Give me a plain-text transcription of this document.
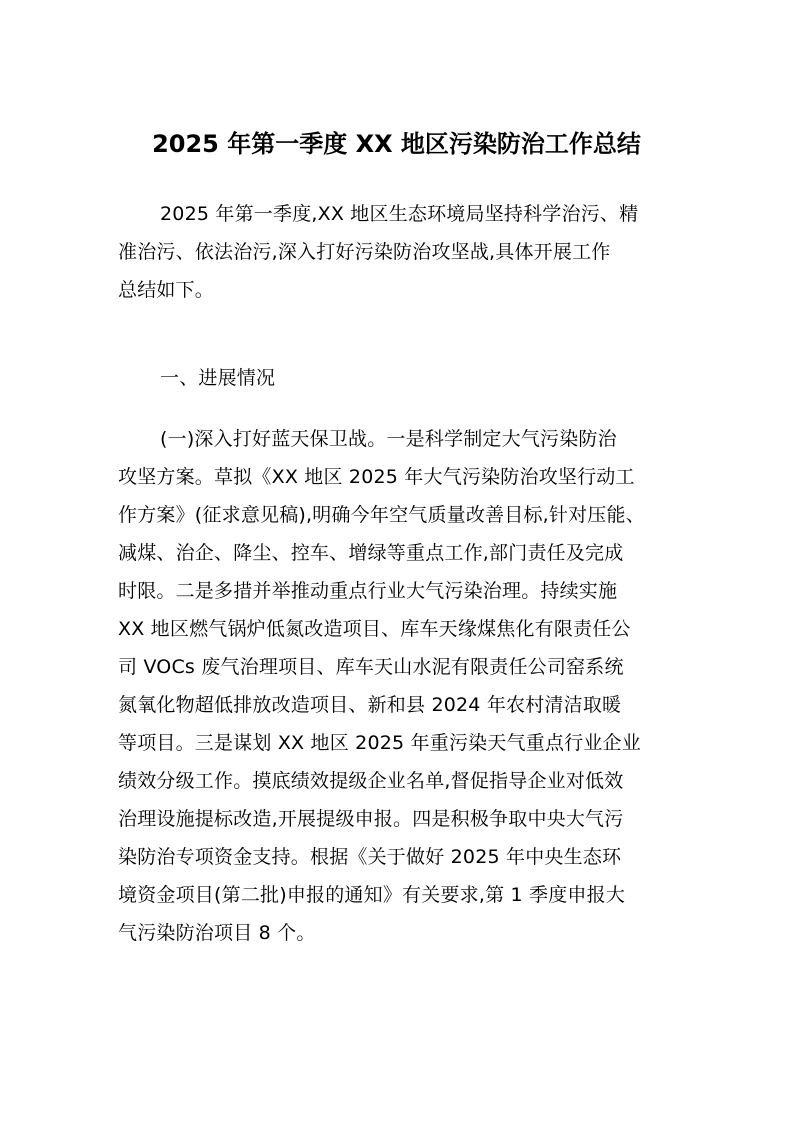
2025 年第一季度 XX 地区污染防治工作总结
2025 年第一季度,XX 地区生态环境局坚持科学治污、精
准治污、依法治污,深入打好污染防治攻坚战,具体开展工作
总结如下。
一、进展情况
(一)深入打好蓝天保卫战。一是科学制定大气污染防治
攻坚方案。草拟《XX 地区 2025 年大气污染防治攻坚行动工
作方案》(征求意见稿),明确今年空气质量改善目标,针对压能、
减煤、治企、降尘、控车、增绿等重点工作,部门责任及完成
时限。二是多措并举推动重点行业大气污染治理。持续实施
XX 地区燃气锅炉低氮改造项目、库车天缘煤焦化有限责任公
司 VOCs 废气治理项目、库车天山水泥有限责任公司窑系统
氮氧化物超低排放改造项目、新和县 2024 年农村清洁取暖
等项目。三是谋划 XX 地区 2025 年重污染天气重点行业企业
绩效分级工作。摸底绩效提级企业名单,督促指导企业对低效
治理设施提标改造,开展提级申报。四是积极争取中央大气污
染防治专项资金支持。根据《关于做好 2025 年中央生态环
境资金项目(第二批)申报的通知》有关要求,第 1 季度申报大
气污染防治项目 8 个。
